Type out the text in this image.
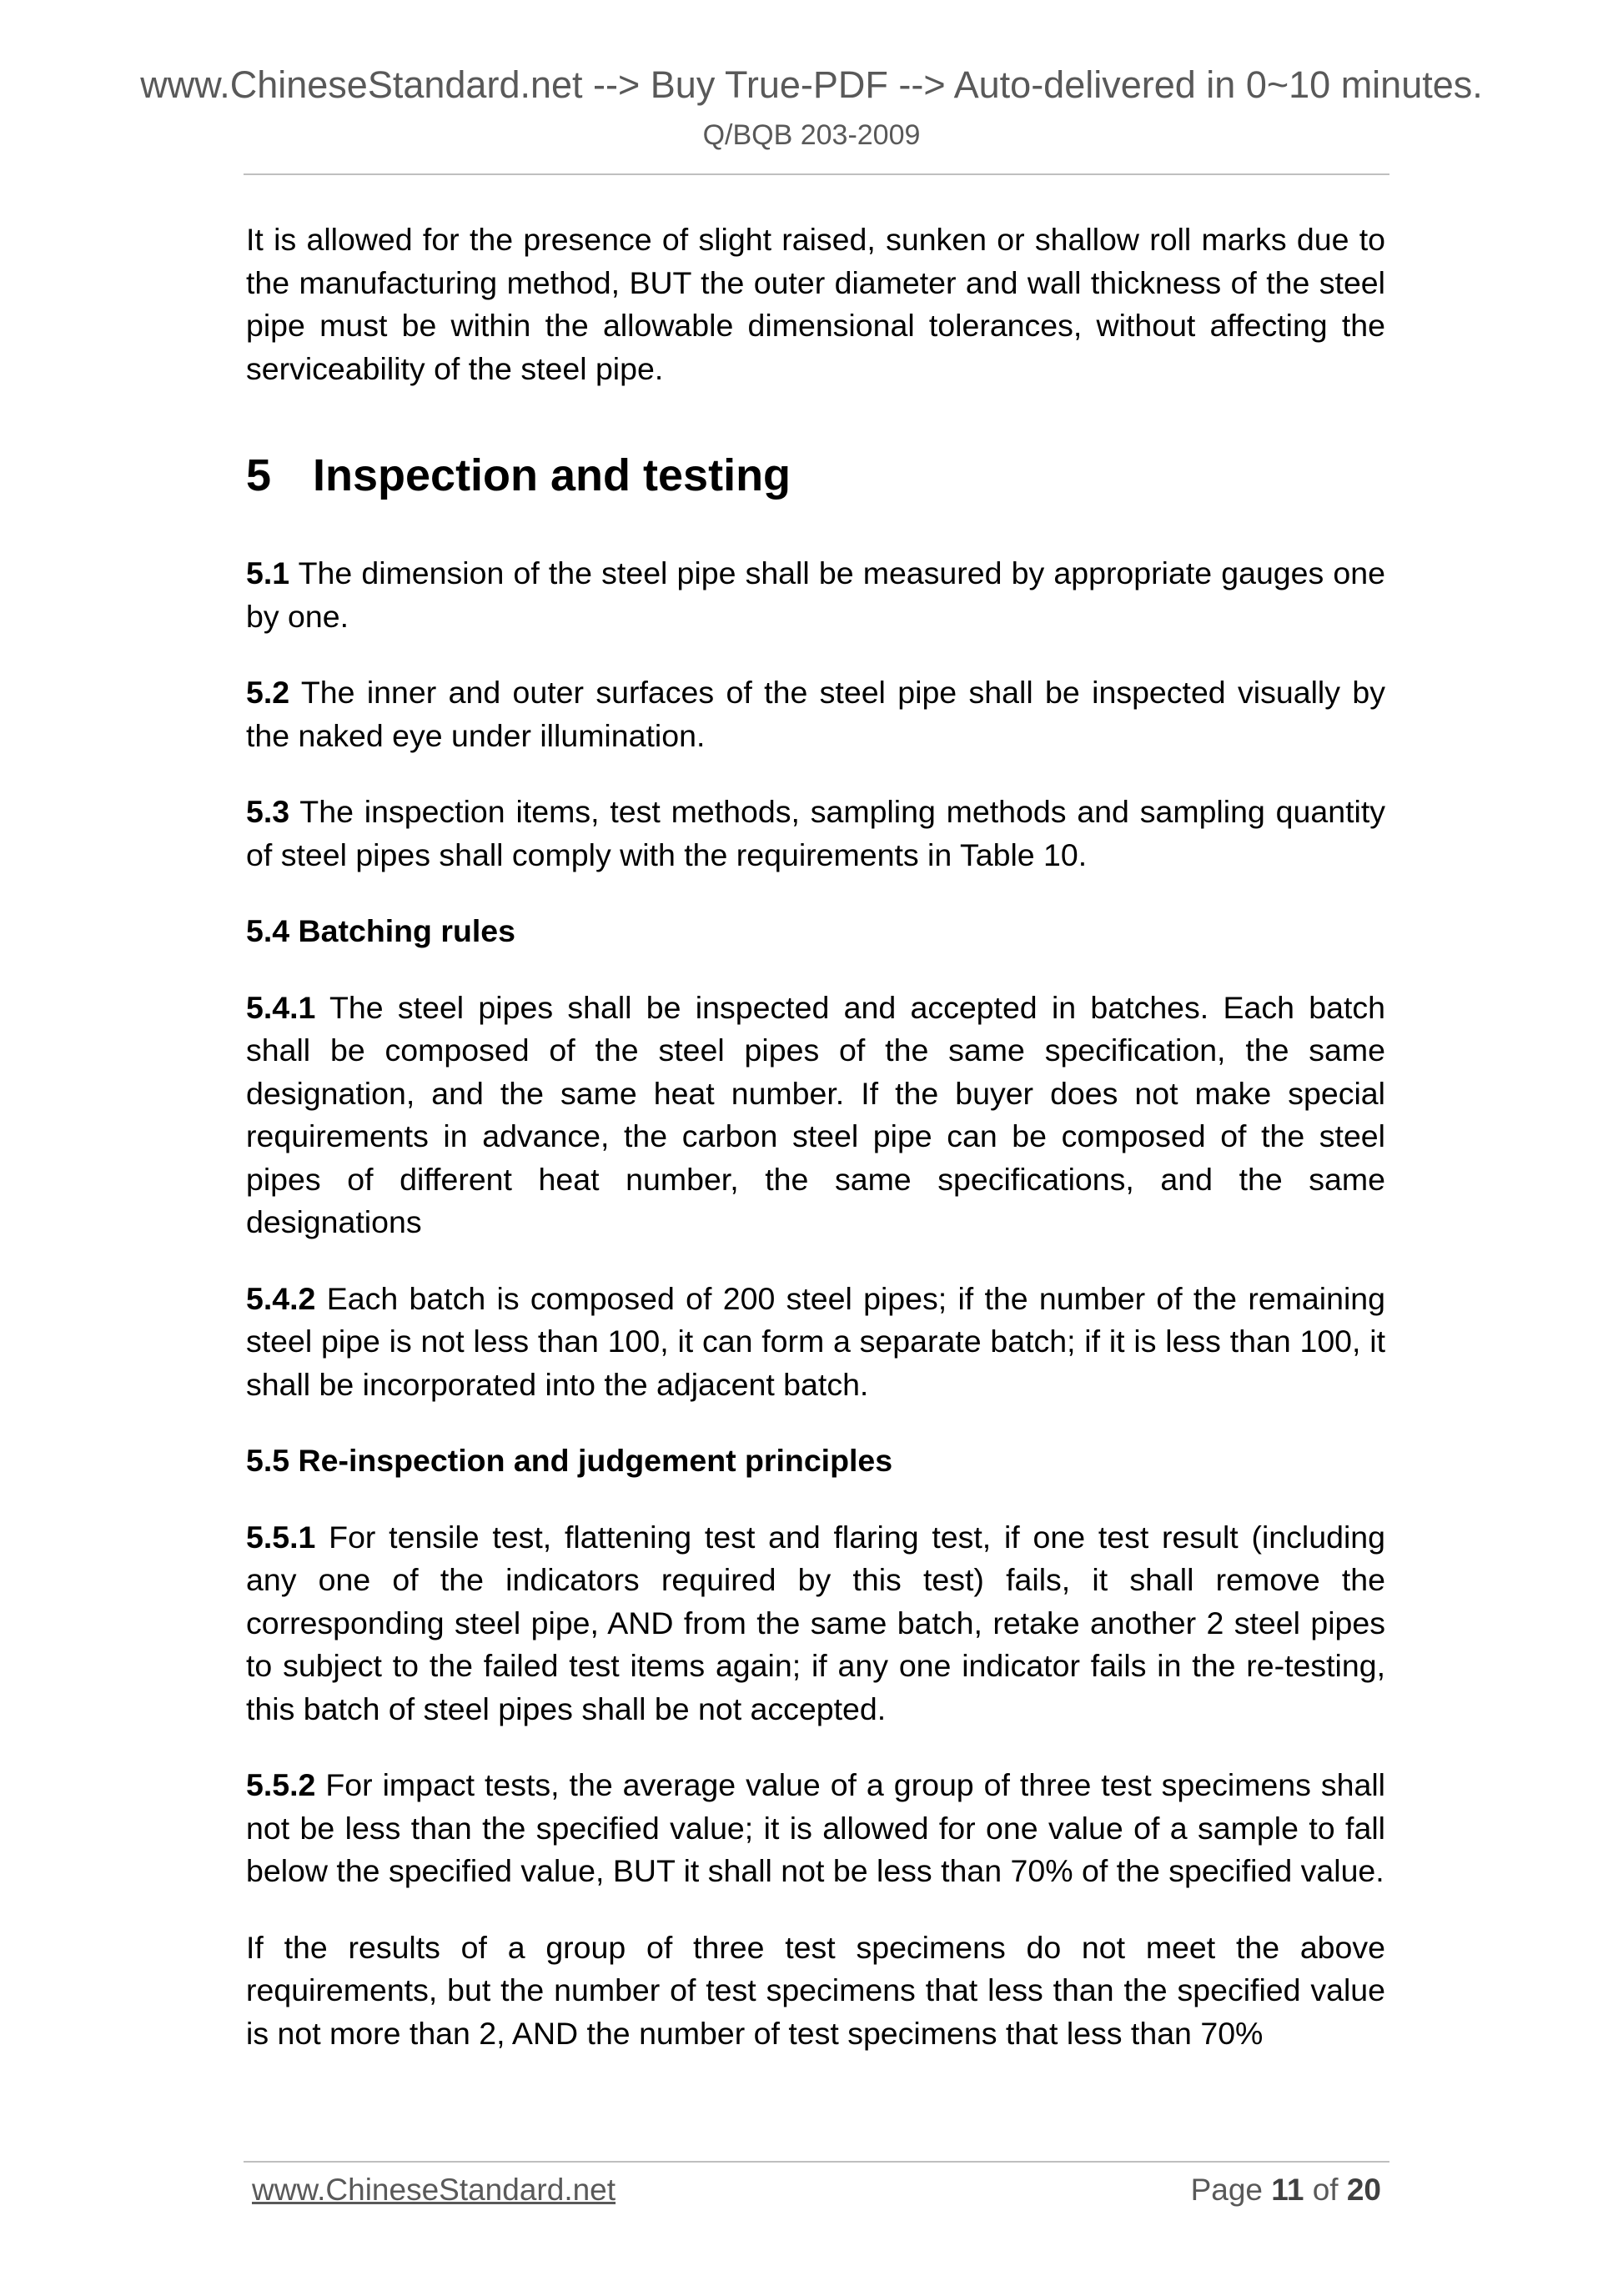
www.ChineseStandard.net --> Buy True-PDF --> Auto-delivered in 0~10 minutes.
Q/BQB 203-2009

It is allowed for the presence of slight raised, sunken or shallow roll marks due to the manufacturing method, BUT the outer diameter and wall thickness of the steel pipe must be within the allowable dimensional tolerances, without affecting the serviceability of the steel pipe.

5 Inspection and testing

5.1 The dimension of the steel pipe shall be measured by appropriate gauges one by one.

5.2 The inner and outer surfaces of the steel pipe shall be inspected visually by the naked eye under illumination.

5.3 The inspection items, test methods, sampling methods and sampling quantity of steel pipes shall comply with the requirements in Table 10.

5.4 Batching rules

5.4.1 The steel pipes shall be inspected and accepted in batches. Each batch shall be composed of the steel pipes of the same specification, the same designation, and the same heat number. If the buyer does not make special requirements in advance, the carbon steel pipe can be composed of the steel pipes of different heat number, the same specifications, and the same designations

5.4.2 Each batch is composed of 200 steel pipes; if the number of the remaining steel pipe is not less than 100, it can form a separate batch; if it is less than 100, it shall be incorporated into the adjacent batch.

5.5 Re-inspection and judgement principles

5.5.1 For tensile test, flattening test and flaring test, if one test result (including any one of the indicators required by this test) fails, it shall remove the corresponding steel pipe, AND from the same batch, retake another 2 steel pipes to subject to the failed test items again; if any one indicator fails in the re-testing, this batch of steel pipes shall be not accepted.

5.5.2 For impact tests, the average value of a group of three test specimens shall not be less than the specified value; it is allowed for one value of a sample to fall below the specified value, BUT it shall not be less than 70% of the specified value.

If the results of a group of three test specimens do not meet the above requirements, but the number of test specimens that less than the specified value is not more than 2, AND the number of test specimens that less than 70%

www.ChineseStandard.net	Page 11 of 20
